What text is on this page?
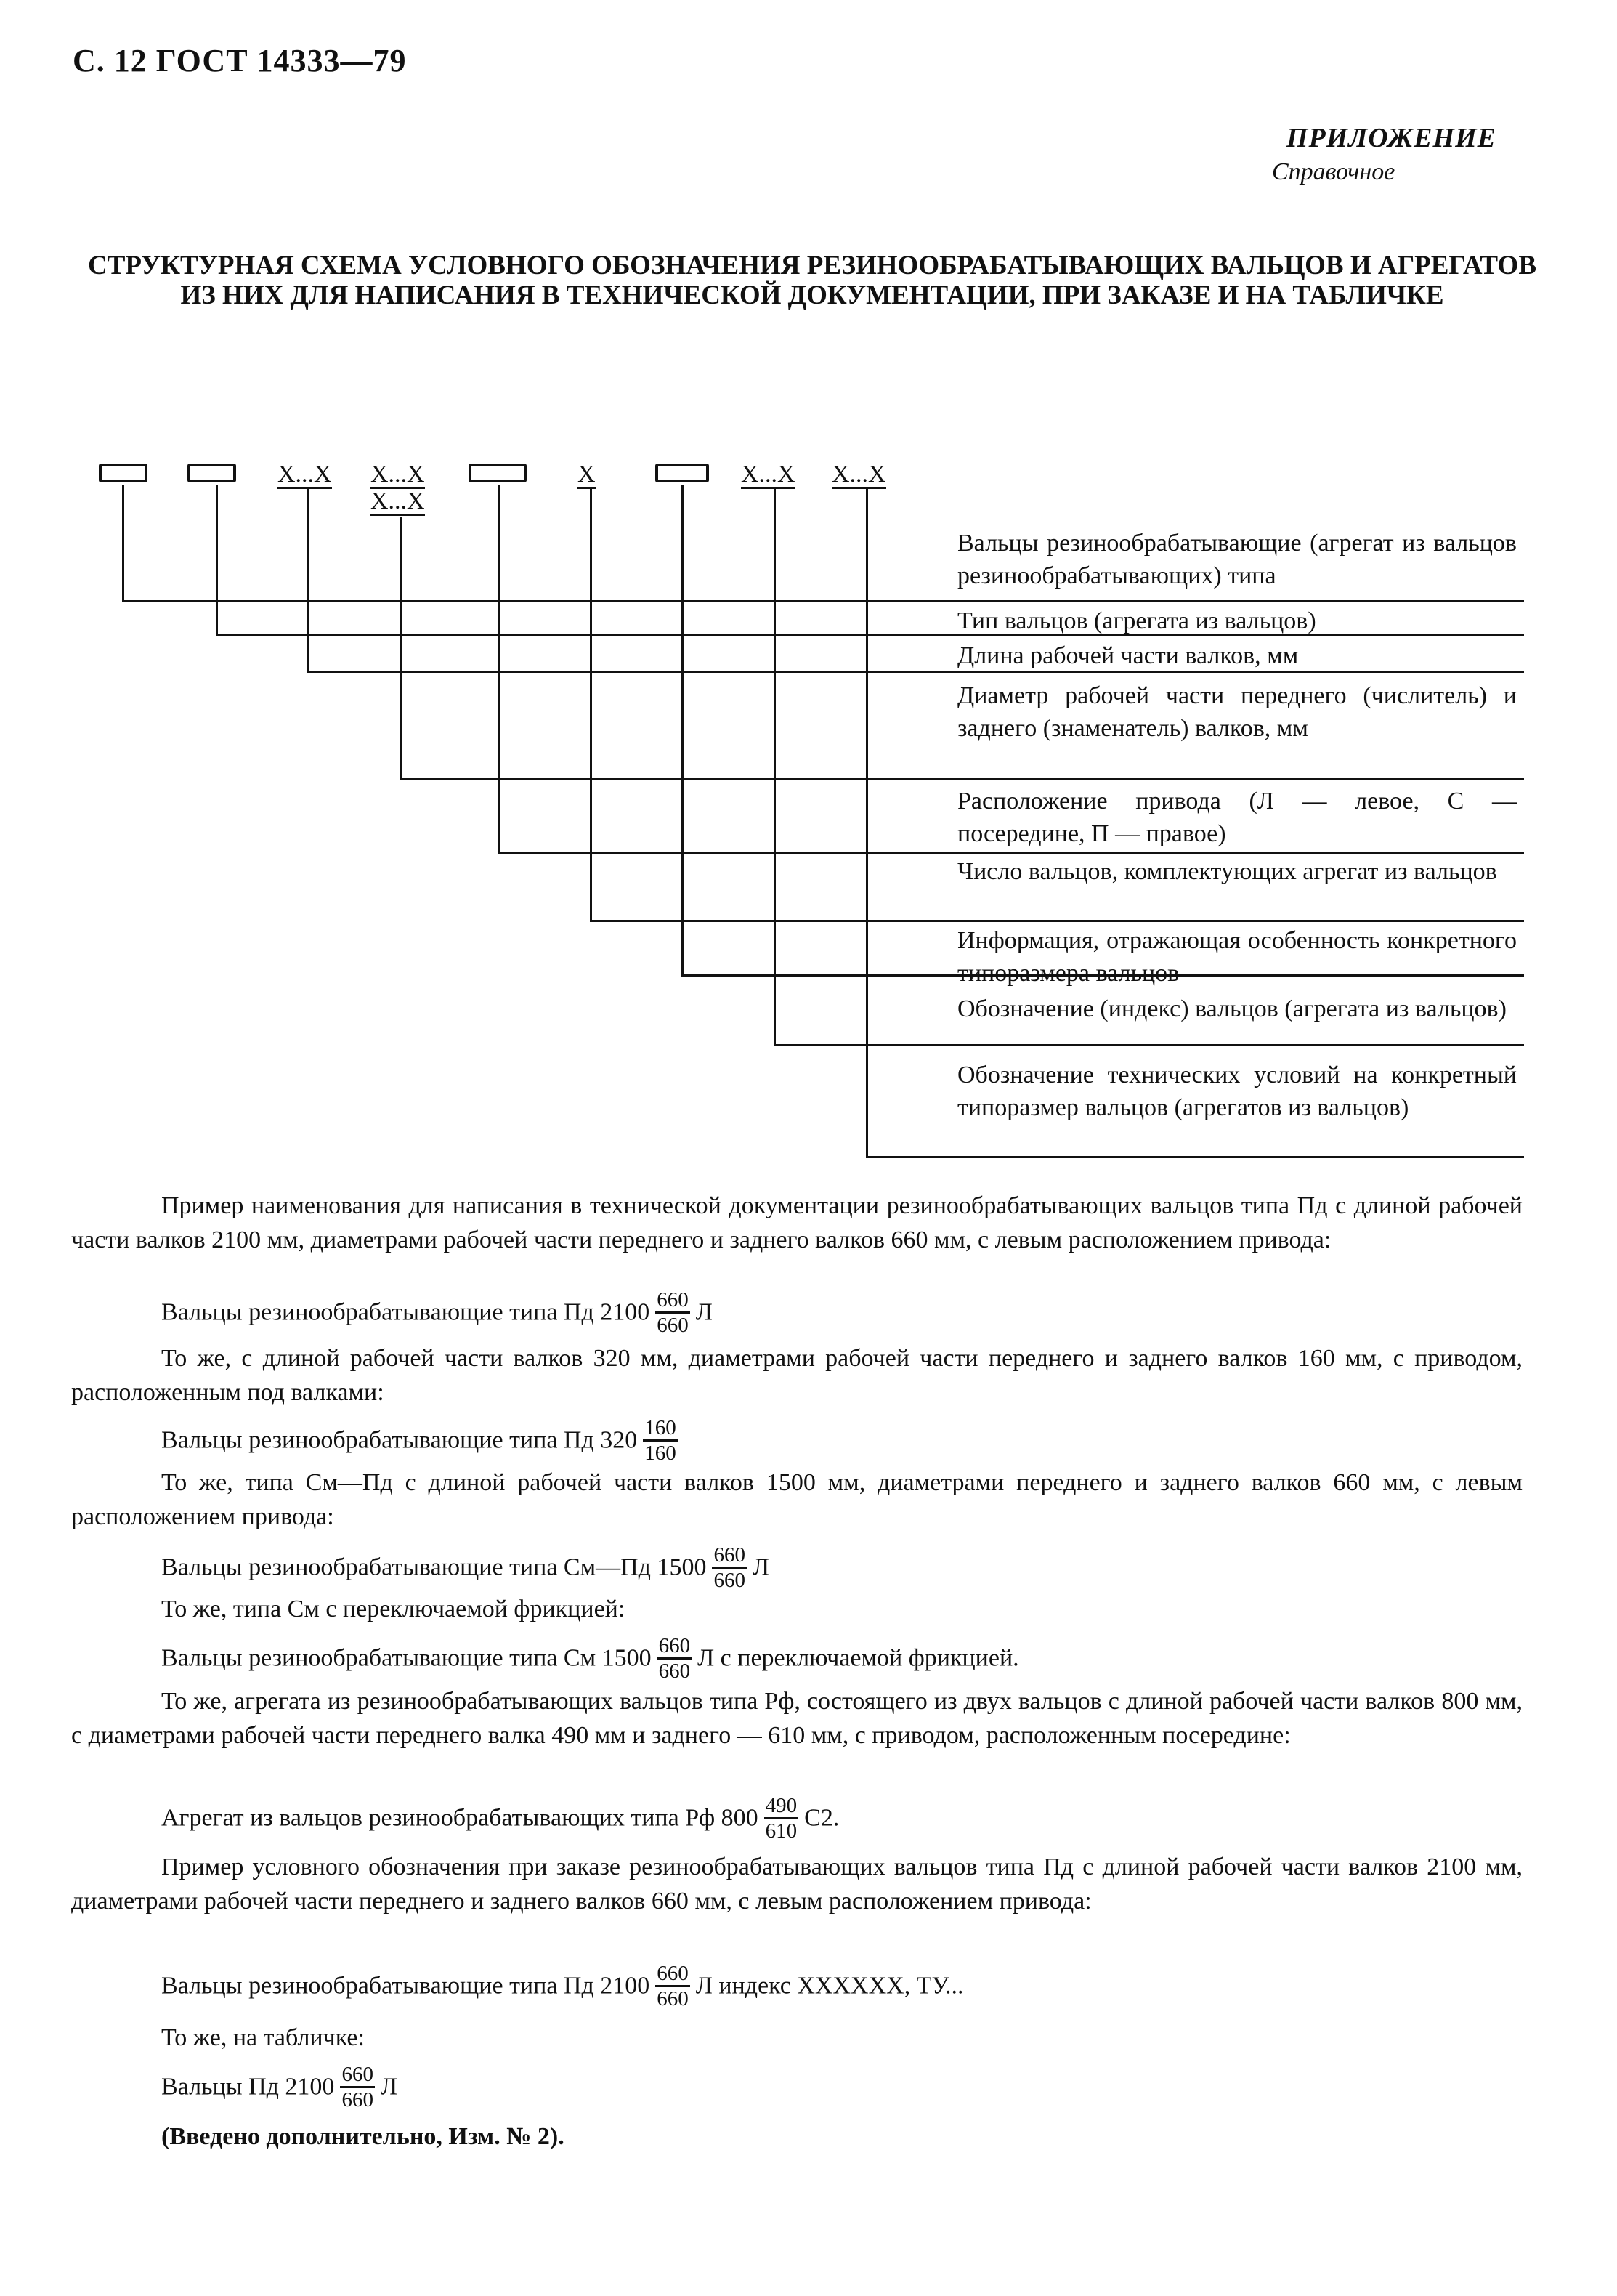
С. 12 ГОСТ 14333—79
ПРИЛОЖЕНИЕ
Справочное
СТРУКТУРНАЯ СХЕМА УСЛОВНОГО ОБОЗНАЧЕНИЯ РЕЗИНООБРАБАТЫВАЮЩИХ ВАЛЬЦОВ И АГРЕГАТОВ ИЗ НИХ ДЛЯ НАПИСАНИЯ В ТЕХНИЧЕСКОЙ ДОКУМЕНТАЦИИ, ПРИ ЗАКАЗЕ И НА ТАБЛИЧКЕ
Х...Х Х...Х
Х...Х
Х	Х...Х Х...Х
Вальцы резинообрабатывающие (агрегат из вальцов резинообрабатывающих) типа
Тип вальцов (агрегата из вальцов)
Длина рабочей части валков, мм
Диаметр рабочей части переднего (числитель) и заднего (знаменатель) валков, мм
Расположение привода (Л — левое, С — посередине, П — правое)
Число вальцов, комплектующих агрегат из вальцов
Информация, отражающая особенность конкретного типоразмера вальцов
Обозначение (индекс) вальцов (агрегата из вальцов)
Обозначение технических условий на конкретный типоразмер вальцов (агрегатов из вальцов)
Пример наименования для написания в технической документации резинообрабатывающих вальцов типа Пд с длиной рабочей части валков 2100 мм, диаметрами рабочей части переднего и заднего валков 660 мм, с левым расположением привода:
Вальцы резинообрабатывающие типа Пд $2100 \frac{660}{660}$ Л
То же, с длиной рабочей части валков 320 мм, диаметрами рабочей части переднего и заднего валков 160 мм, с приводом, расположенным под валками:
Вальцы резинообрабатывающие типа Пд $320 \frac{160}{160}$
То же, типа См—Пд с длиной рабочей части валков 1500 мм, диаметрами переднего и заднего валков 660 мм, с левым расположением привода:
Вальцы резинообрабатывающие типа См—Пд $1500 \frac{660}{660}$ Л
То же, типа См с переключаемой фрикцией:
Вальцы резинообрабатывающие типа См $1500 \frac{660}{660}$ Л с переключаемой фрикцией.
То же, агрегата из резинообрабатывающих вальцов типа Рф, состоящего из двух вальцов с длиной рабочей части валков 800 мм, с диаметрами рабочей части переднего валка 490 мм и заднего — 610 мм, с приводом, расположенным посередине:
Агрегат из вальцов резинообрабатывающих типа Рф $800 \frac{490}{610} С2$.
Пример условного обозначения при заказе резинообрабатывающих вальцов типа Пд с длиной рабочей части валков 2100 мм, диаметрами рабочей части переднего и заднего валков 660 мм, с левым расположением привода:
Вальцы резинообрабатывающие типа Пд $2100 \frac{660}{660}$ Л индекс ХХХХХХ, ТУ...
То же, на табличке:
Вальцы Пд $2100 \frac{660}{660}$ Л
(Введено дополнительно, Изм. № 2).
